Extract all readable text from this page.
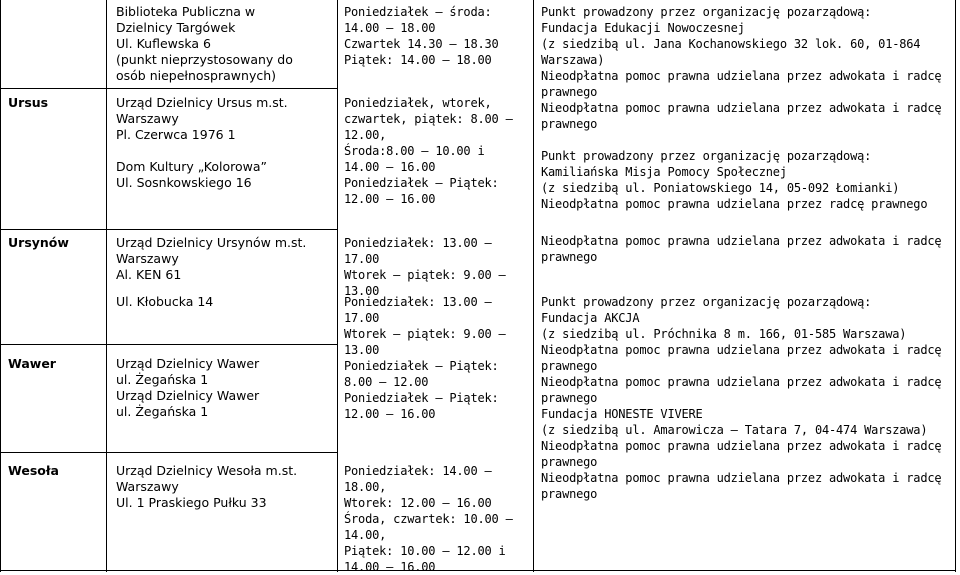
Ursus
Ursynów
Wawer
Wesoła
Biblioteka Publiczna w
Dzielnicy Targówek
Ul. Kuflewska 6
(punkt nieprzystosowany do
osób niepełnosprawnych)
Urząd Dzielnicy Ursus m.st.
Warszawy
Pl. Czerwca 1976 1
Dom Kultury „Kolorowa”
Ul. Sosnkowskiego 16
Urząd Dzielnicy Ursynów m.st.
Warszawy
Al. KEN 61
Ul. Kłobucka 14
Urząd Dzielnicy Wawer
ul. Żegańska 1
Urząd Dzielnicy Wawer
ul. Żegańska 1
Urząd Dzielnicy Wesoła m.st.
Warszawy
Ul. 1 Praskiego Pułku 33
Poniedziałek – środa:
14.00 – 18.00
Czwartek 14.30 – 18.30
Piątek: 14.00 – 18.00
Poniedziałek, wtorek,
czwartek, piątek: 8.00 –
12.00,
Środa:8.00 – 10.00 i
14.00 – 16.00
Poniedziałek – Piątek:
12.00 – 16.00
Poniedziałek: 13.00 –
17.00
Wtorek – piątek: 9.00 –
13.00
Poniedziałek: 13.00 –
17.00
Wtorek – piątek: 9.00 –
13.00
Poniedziałek – Piątek:
8.00 – 12.00
Poniedziałek – Piątek:
12.00 – 16.00
Poniedziałek: 14.00 –
18.00,
Wtorek: 12.00 – 16.00
Środa, czwartek: 10.00 –
14.00,
Piątek: 10.00 – 12.00 i
14.00 – 16.00
Punkt prowadzony przez organizację pozarządową:
Fundacja Edukacji Nowoczesnej
(z siedzibą ul. Jana Kochanowskiego 32 lok. 60, 01-864
Warszawa)
Nieodpłatna pomoc prawna udzielana przez adwokata i radcę
prawnego
Nieodpłatna pomoc prawna udzielana przez adwokata i radcę
prawnego
Punkt prowadzony przez organizację pozarządową:
Kamiliańska Misja Pomocy Społecznej
(z siedzibą ul. Poniatowskiego 14, 05-092 Łomianki)
Nieodpłatna pomoc prawna udzielana przez radcę prawnego
Nieodpłatna pomoc prawna udzielana przez adwokata i radcę
prawnego
Punkt prowadzony przez organizację pozarządową:
Fundacja AKCJA
(z siedzibą ul. Próchnika 8 m. 166, 01-585 Warszawa)
Nieodpłatna pomoc prawna udzielana przez adwokata i radcę
prawnego
Nieodpłatna pomoc prawna udzielana przez adwokata i radcę
prawnego
Fundacja HONESTE VIVERE
(z siedzibą ul. Amarowicza – Tatara 7, 04-474 Warszawa)
Nieodpłatna pomoc prawna udzielana przez adwokata i radcę
prawnego
Nieodpłatna pomoc prawna udzielana przez adwokata i radcę
prawnego
